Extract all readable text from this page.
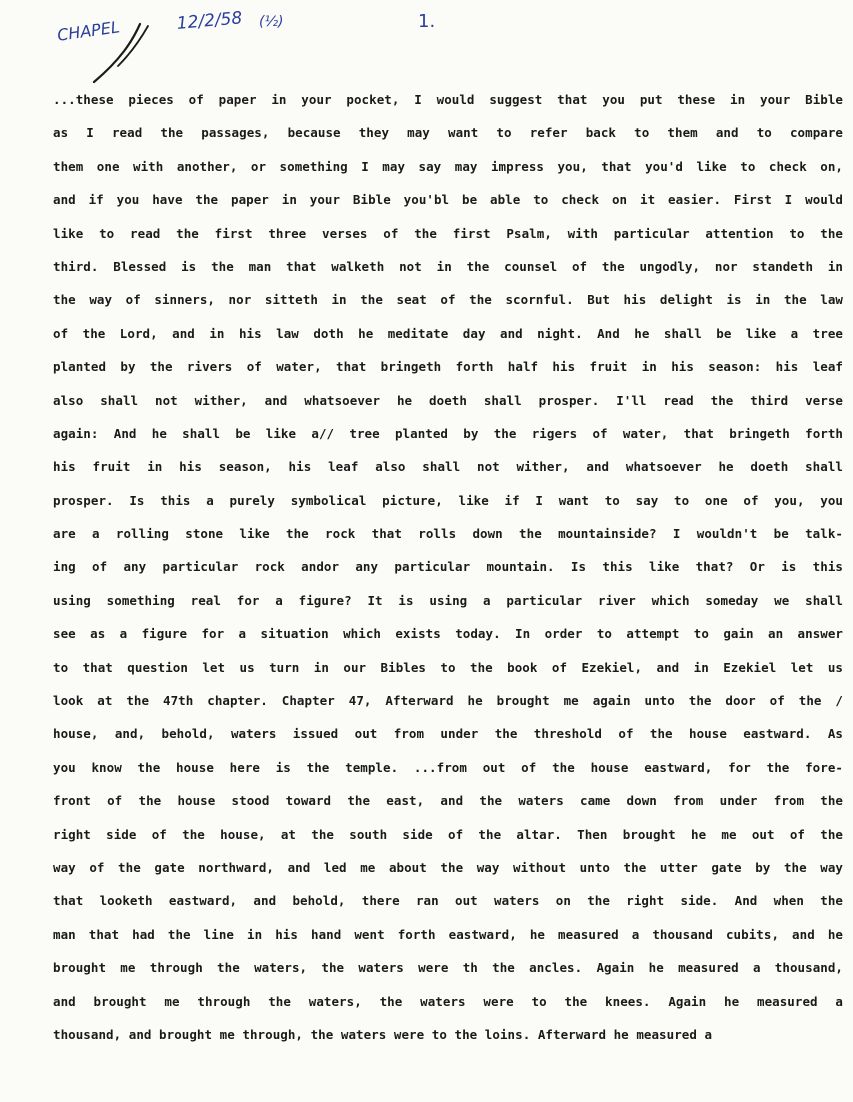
CHAPEL	12/2/58 (½)	1.
...these pieces of paper in your pocket, I would suggest that you put these in your Bible
as I read the passages, because they may want to refer back to them and to compare
them one with another, or something I may say may impress you, that you'd like to check on,
and if you have the paper in your Bible you'bl be able to check on it easier. First I would
like to read the first three verses of the first Psalm, with particular attention to the
third. Blessed is the man that walketh not in the counsel of the ungodly, nor standeth in
the way of sinners, nor sitteth in the seat of the scornful. But his delight is in the law
of the Lord, and in his law doth he meditate day and night. And he shall be like a tree
planted by the rivers of water, that bringeth forth half his fruit in his season: his leaf
also shall not wither, and whatsoever he doeth shall prosper. I'll read the third verse
again: And he shall be like a// tree planted by the rigers of water, that bringeth forth
his fruit in his season, his leaf also shall not wither, and whatsoever he doeth shall
prosper. Is this a purely symbolical picture, like if I want to say to one of you, you
are a rolling stone like the rock that rolls down the mountainside? I wouldn't be talk-
ing of any particular rock andor any particular mountain. Is this like that? Or is this
using something real for a figure? It is using a particular river which someday we shall
see as a figure for a situation which exists today. In order to attempt to gain an answer
to that question let us turn in our Bibles to the book of Ezekiel, and in Ezekiel let us
look at the 47th chapter. Chapter 47, Afterward he brought me again unto the door of the /
house, and, behold, waters issued out from under the threshold of the house eastward. As
you know the house here is the temple. ...from out of the house eastward, for the fore-
front of the house stood toward the east, and the waters came down from under from the
right side of the house, at the south side of the altar. Then brought he me out of the
way of the gate northward, and led me about the way without unto the utter gate by the way
that looketh eastward, and behold, there ran out waters on the right side. And when the
man that had the line in his hand went forth eastward, he measured a thousand cubits, and he
brought me through the waters, the waters were th the ancles. Again he measured a thousand,
and brought me through the waters, the waters were to the knees. Again he measured a
thousand, and brought me through, the waters were to the loins. Afterward he measured a
